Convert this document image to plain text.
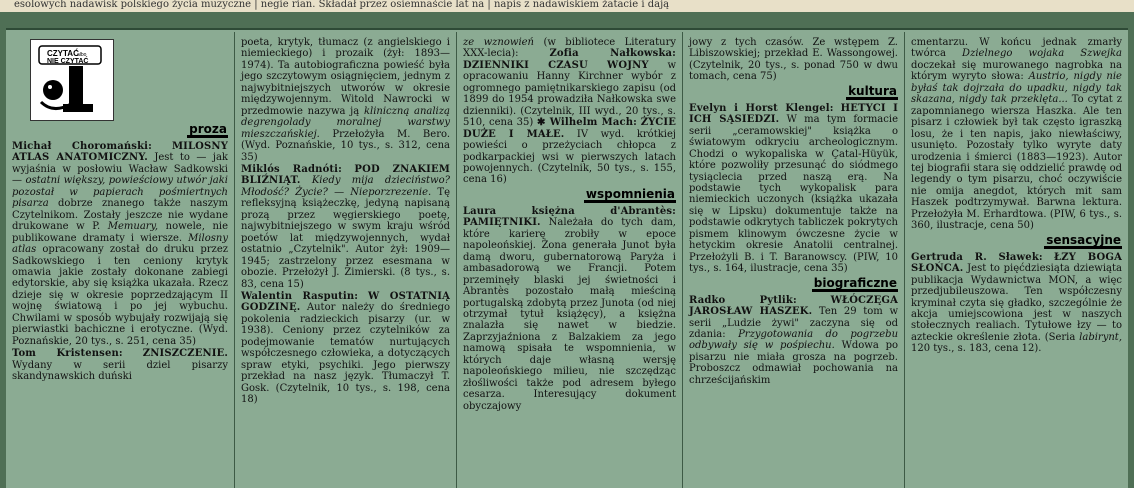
esolowych nadawisk polskiego życia muzyczne | negie rian. Składał przez osiemnaście lat na | napis z nadawiskiem żatacie i dają
CZYTAĆ
albo
NIE CZYTAĆ
proza

Michał Choromański: MILOSNY ATLAS ANATOMICZNY. Jest to — jak wyjaśnia w posłowiu Wacław Sadkowski — ostatni większy, powieściowy utwór jaki pozostał w papierach pośmiertnych pisarza dobrze znanego także naszym Czytelnikom. Zostały jeszcze nie wydane drukowane w P. Memuary, nowele, nie publikowane dramaty i wiersze. Milosny atlas opracowany został do druku przez Sadkowskiego i ten ceniony krytyk omawia jakie zostały dokonane zabiegi edytorskie, aby się książka ukazała. Rzecz dzieje się w okresie poprzedzającym II wojnę światową i po jej wybuchu. Chwilami w sposób wybujały rozwijają się pierwiastki bachiczne i erotyczne. (Wyd. Poznańskie, 20 tys., s. 251, cena 35)

Tom Kristensen: ZNISZCZENIE. Wydany w serii dziel pisarzy skandynawskich duński

poeta, krytyk, tłumacz (z angielskiego i niemieckiego) i prozaik (żył: 1893—1974). Ta autobiograficzna powieść była jego szczytowym osiągnięciem, jednym z najwybitniejszych utworów w okresie międzywojennym. Witold Nawrocki w przedmowie nazywa ją kliniczną analizą degrengolady moralnej warstwy mieszczańskiej. Przełożyła M. Bero. (Wyd. Poznańskie, 10 tys., s. 312, cena 35)

Miklós Radnóti: POD ZNAKIEM BLIŹNIĄT. Kiedy mija dzieciństwo? Młodość? Życie? — Nieporzrezenie. Tę refleksyjną książeczkę, jedyną napisaną prozą przez węgierskiego poetę, najwybitniejszego w swym kraju wśród poetów lat międzywojennych, wydał ostatnio „Czytelnik". Autor żył: 1909—1945; zastrzelony przez esesmana w obozie. Przełożył J. Zimierski. (8 tys., s. 83, cena 15)

Walentin Rasputin: W OSTATNIĄ GODZINĘ. Autor należy do średniego pokolenia radzieckich pisarzy (ur. w 1938). Ceniony przez czytelników za podejmowanie tematów nurtujących współczesnego człowieka, a dotyczących spraw etyki, psychiki. Jego pierwszy przekład na nasz język. Tłumaczył T. Gosk. (Czytelnik, 10 tys., s. 198, cena 18)

ze wznowień (w bibliotece Literatury XXX-lecia):	Zofia Nałkowska: DZIENNIKI CZASU WOJNY w opracowaniu Hanny Kirchner wybór z ogromnego pamiętnikarskiego zapisu (od 1899 do 1954 prowadziła Nałkowska swe dzienniki). (Czytelnik, III wyd., 20 tys., s. 510, cena 35) ✱ Wilhelm Mach: ŻYCIE DUŻE I MAŁE. IV wyd. krótkiej powieści o przeżyciach chłopca z podkarpackiej wsi w pierwszych latach powojennych. (Czytelnik, 50 tys., s. 155, cena 16)

wspomnienia

Laura księżna d'Abrantès: PAMIĘTNIKI. Należała do tych dam, które karierę zrobiły w epoce napoleońskiej. Żona generała Junot była damą dworu, gubernatorową Paryża i ambasadorową we Francji. Potem przeminęły blaski jej świetności i Abrantès pozostało małą mieściną portugalską zdobytą przez Junota (od niej otrzymał tytuł książęcy), a księżna znalazła się nawet w biedzie. Zaprzyjaźniona z Balzakiem za jego namową spisała te wspomnienia, w których daje własną wersję napoleońskiego milieu, nie szczędząc złośliwości także pod adresem byłego cesarza. Interesujący dokument obyczajowy

jowy z tych czasów. Ze wstępem Z. Libiszowskiej; przekład E. Wassongowej. (Czytelnik, 20 tys., s. ponad 750 w dwu tomach, cena 75)

kultura

Evelyn i Horst Klengel: HETYCI I ICH SĄSIEDZI. W ma tym formacie serii „ceramowskiej" książka o światowym odkryciu archeologicznym. Chodzi o wykopaliska w Çatal-Hüyük, które pozwoliły przesunąć do siódmego tysiąclecia przed naszą erą. Na podstawie tych wykopalisk para niemieckich uczonych (książka ukazała się w Lipsku) dokumentuje także na podstawie odkrytych tabliczek pokrytych pismem klinowym ówczesne życie w hetyckim okresie Anatolii centralnej. Przełożyli B. i T. Baranowscy. (PIW, 10 tys., s. 164, ilustracje, cena 35)

biograficzne

Radko Pytlik:	WŁÓCZĘGA JAROSŁAW HASZEK. Ten 29 tom w serii „Ludzie żywi" zaczyna się od zdania: Przygotowania do pogrzebu odbywały się w pośpiechu. Wdowa po pisarzu nie miała grosza na pogrzeb. Proboszcz odmawiał pochowania na chrześcijańskim

cmentarzu. W końcu jednak zmarły twórca Dzielnego wojaka Szwejka doczekał się murowanego nagrobka na którym wyryto słowa: Austrio, nigdy nie byłaś tak dojrzała do upadku, nigdy tak skazana, nigdy tak przeklęta... To cytat z zapomnianego wiersza Haszka. Ale ten pisarz i człowiek był tak często igraszką losu, że i ten napis, jako niewłaściwy, usunięto. Pozostały tylko wyryte daty urodzenia i śmierci (1883—1923). Autor tej biografii stara się oddzielić prawdę od legendy o tym pisarzu, choć oczywiście nie omija anegdot, których mit sam Haszek podtrzymywał. Barwna lektura. Przełożyła M. Erhardtowa. (PIW, 6 tys., s. 360, ilustracje, cena 50)

sensacyjne

Gertruda R. Sławek: ŁZY BOGA SŁOŃCA. Jest to pięćdziesiąta dziewiąta publikacja Wydawnictwa MON, a więc przedjubileuszowa. Ten współczesny kryminał czyta się gładko, szczególnie że akcja umiejscowiona jest w naszych stołecznych realiach. Tytułowe łzy — to azteckie określenie złota. (Seria labirynt, 120 tys., s. 183, cena 12).
